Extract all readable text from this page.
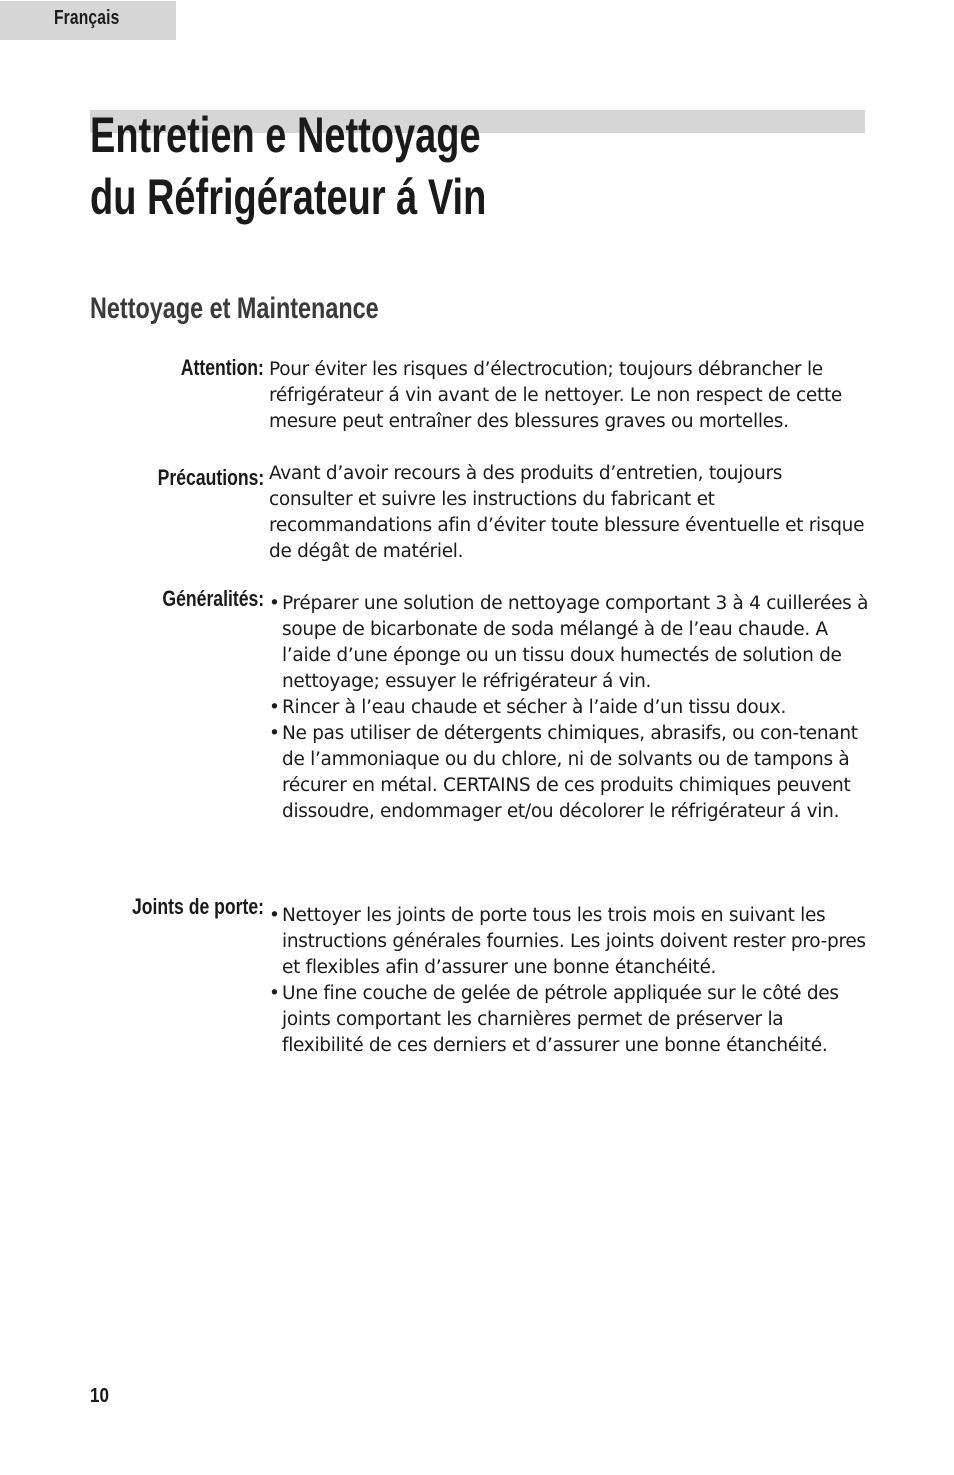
Français
Entretien e Nettoyage
du Réfrigérateur á Vin
Nettoyage et Maintenance
Attention: Pour éviter les risques d’électrocution; toujours débrancher le réfrigérateur á vin avant de le nettoyer. Le non respect de cette mesure peut entraîner des blessures graves ou mortelles.

Précautions: Avant d’avoir recours à des produits d’entretien, toujours consulter et suivre les instructions du fabricant et recommandations afin d’éviter toute blessure éventuelle et risque de dégât de matériel.

Généralités: • Préparer une solution de nettoyage comportant 3 à 4 cuillerées à soupe de bicarbonate de soda mélangé à de l’eau chaude. A l’aide d’une éponge ou un tissu doux humectés de solution de nettoyage; essuyer le réfrigérateur á vin.
• Rincer à l’eau chaude et sécher à l’aide d’un tissu doux.
• Ne pas utiliser de détergents chimiques, abrasifs, ou con-tenant de l’ammoniaque ou du chlore, ni de solvants ou de tampons à récurer en métal. CERTAINS de ces produits chimiques peuvent dissoudre, endommager et/ou décolorer le réfrigérateur á vin.
Joints de porte: • Nettoyer les joints de porte tous les trois mois en suivant les instructions générales fournies. Les joints doivent rester pro-pres et flexibles afin d’assurer une bonne étanchéité.
• Une fine couche de gelée de pétrole appliquée sur le côté des joints comportant les charnières permet de préserver la flexibilité de ces derniers et d’assurer une bonne étanchéité.
10
